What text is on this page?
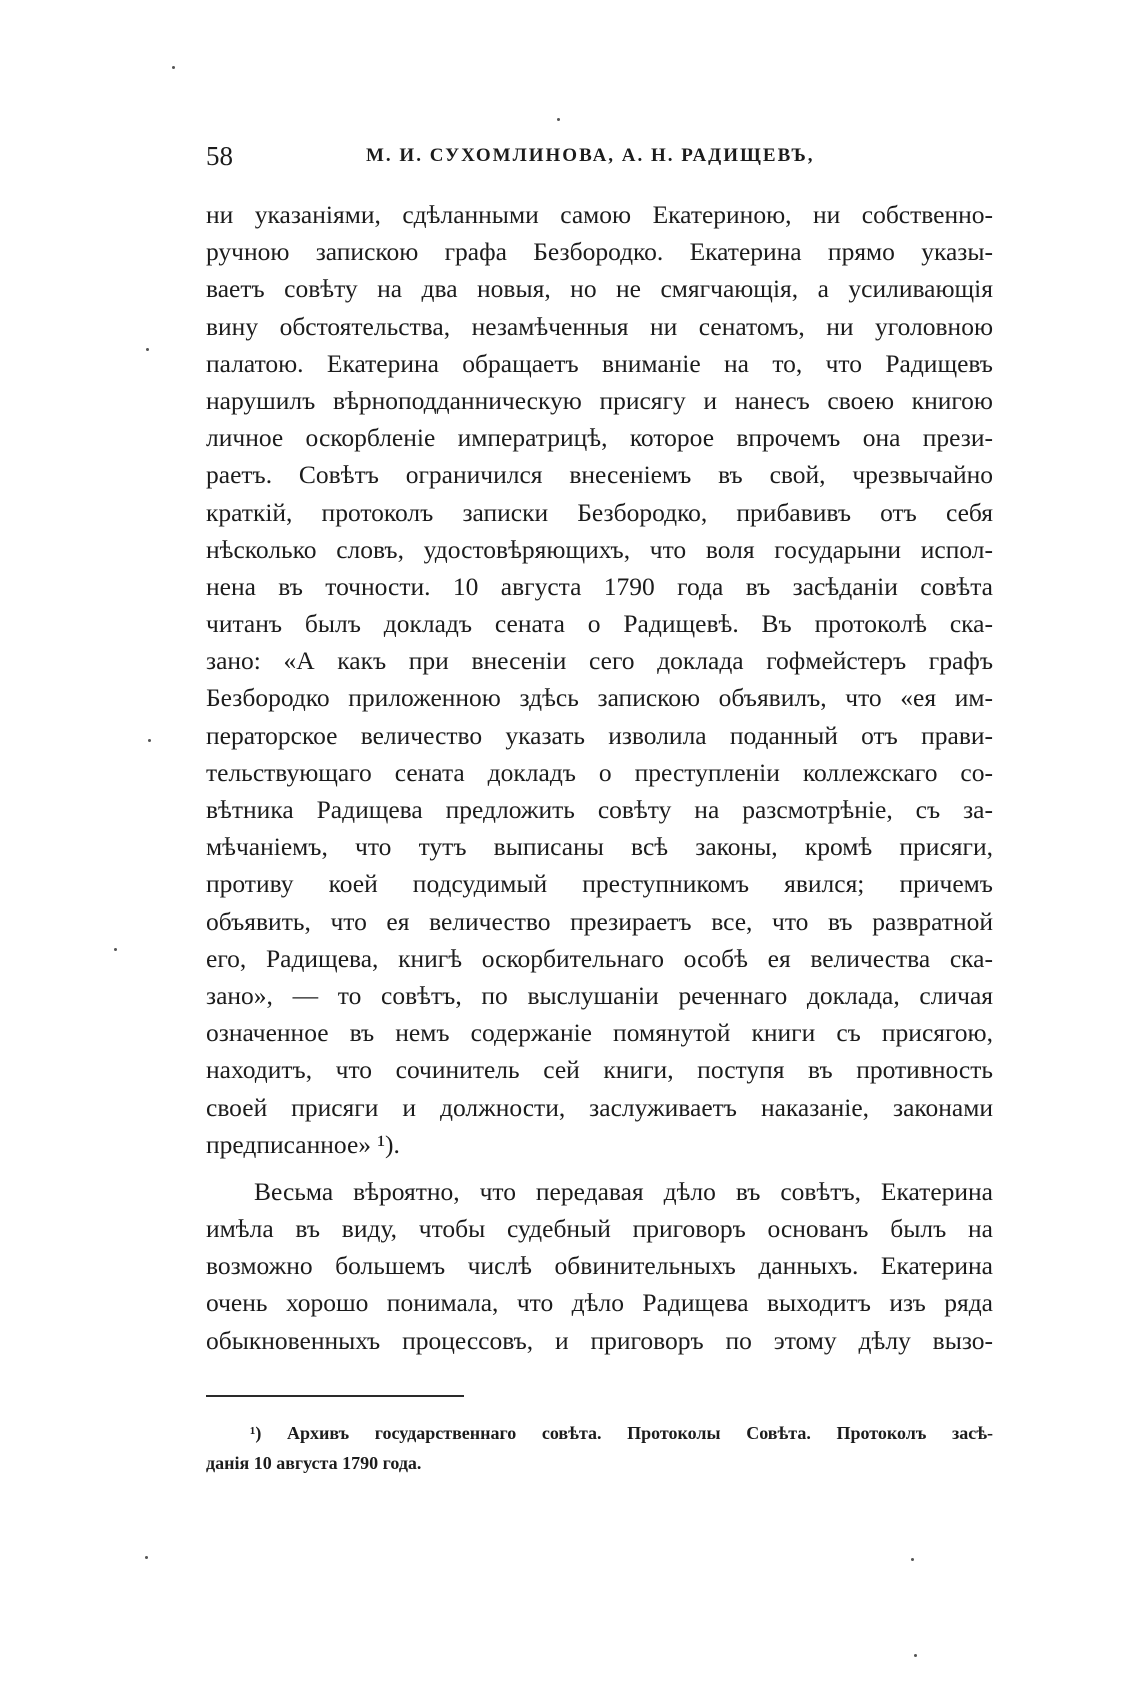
58	М. И. СУХОМЛИНОВА, А. Н. РАДИЩЕВЪ,
ни указаніями, сдѣланными самою Екатериною, ни собственно-
ручною запискою графа Безбородко. Екатерина прямо указы-
ваетъ совѣту на два новыя, но не смягчающія, а усиливающія
вину обстоятельства, незамѣченныя ни сенатомъ, ни уголовною
палатою. Екатерина обращаетъ вниманіе на то, что Радищевъ
нарушилъ вѣрноподданническую присягу и нанесъ своею книгою
личное оскорбленіе императрицѣ, которое впрочемъ она прези-
раетъ. Совѣтъ ограничился внесеніемъ въ свой, чрезвычайно
краткій, протоколъ записки Безбородко, прибавивъ отъ себя
нѣсколько словъ, удостовѣряющихъ, что воля государыни испол-
нена въ точности. 10 августа 1790 года въ засѣданіи совѣта
читанъ былъ докладъ сената о Радищевѣ. Въ протоколѣ ска-
зано: «А какъ при внесеніи сего доклада гофмейстеръ графъ
Безбородко приложенною здѣсь запискою объявилъ, что «ея им-
ператорское величество указать изволила поданный отъ прави-
тельствующаго сената докладъ о преступленіи коллежскаго со-
вѣтника Радищева предложить совѣту на разсмотрѣніе, съ за-
мѣчаніемъ, что тутъ выписаны всѣ законы, кромѣ присяги,
противу коей подсудимый преступникомъ явился; причемъ
объявить, что ея величество презираетъ все, что въ развратной
его, Радищева, книгѣ оскорбительнаго особѣ ея величества ска-
зано», — то совѣтъ, по выслушаніи реченнаго доклада, сличая
означенное въ немъ содержаніе помянутой книги съ присягою,
находитъ, что сочинитель сей книги, поступя въ противность
своей присяги и должности, заслуживаетъ наказаніе, законами
предписанное» ¹).
Весьма вѣроятно, что передавая дѣло въ совѣтъ, Екатерина
имѣла въ виду, чтобы судебный приговоръ основанъ былъ на
возможно большемъ числѣ обвинительныхъ данныхъ. Екатерина
очень хорошо понимала, что дѣло Радищева выходитъ изъ ряда
обыкновенныхъ процессовъ, и приговоръ по этому дѣлу вызо-
¹) Архивъ государственнаго совѣта. Протоколы Совѣта. Протоколъ засѣ-
данія 10 августа 1790 года.
